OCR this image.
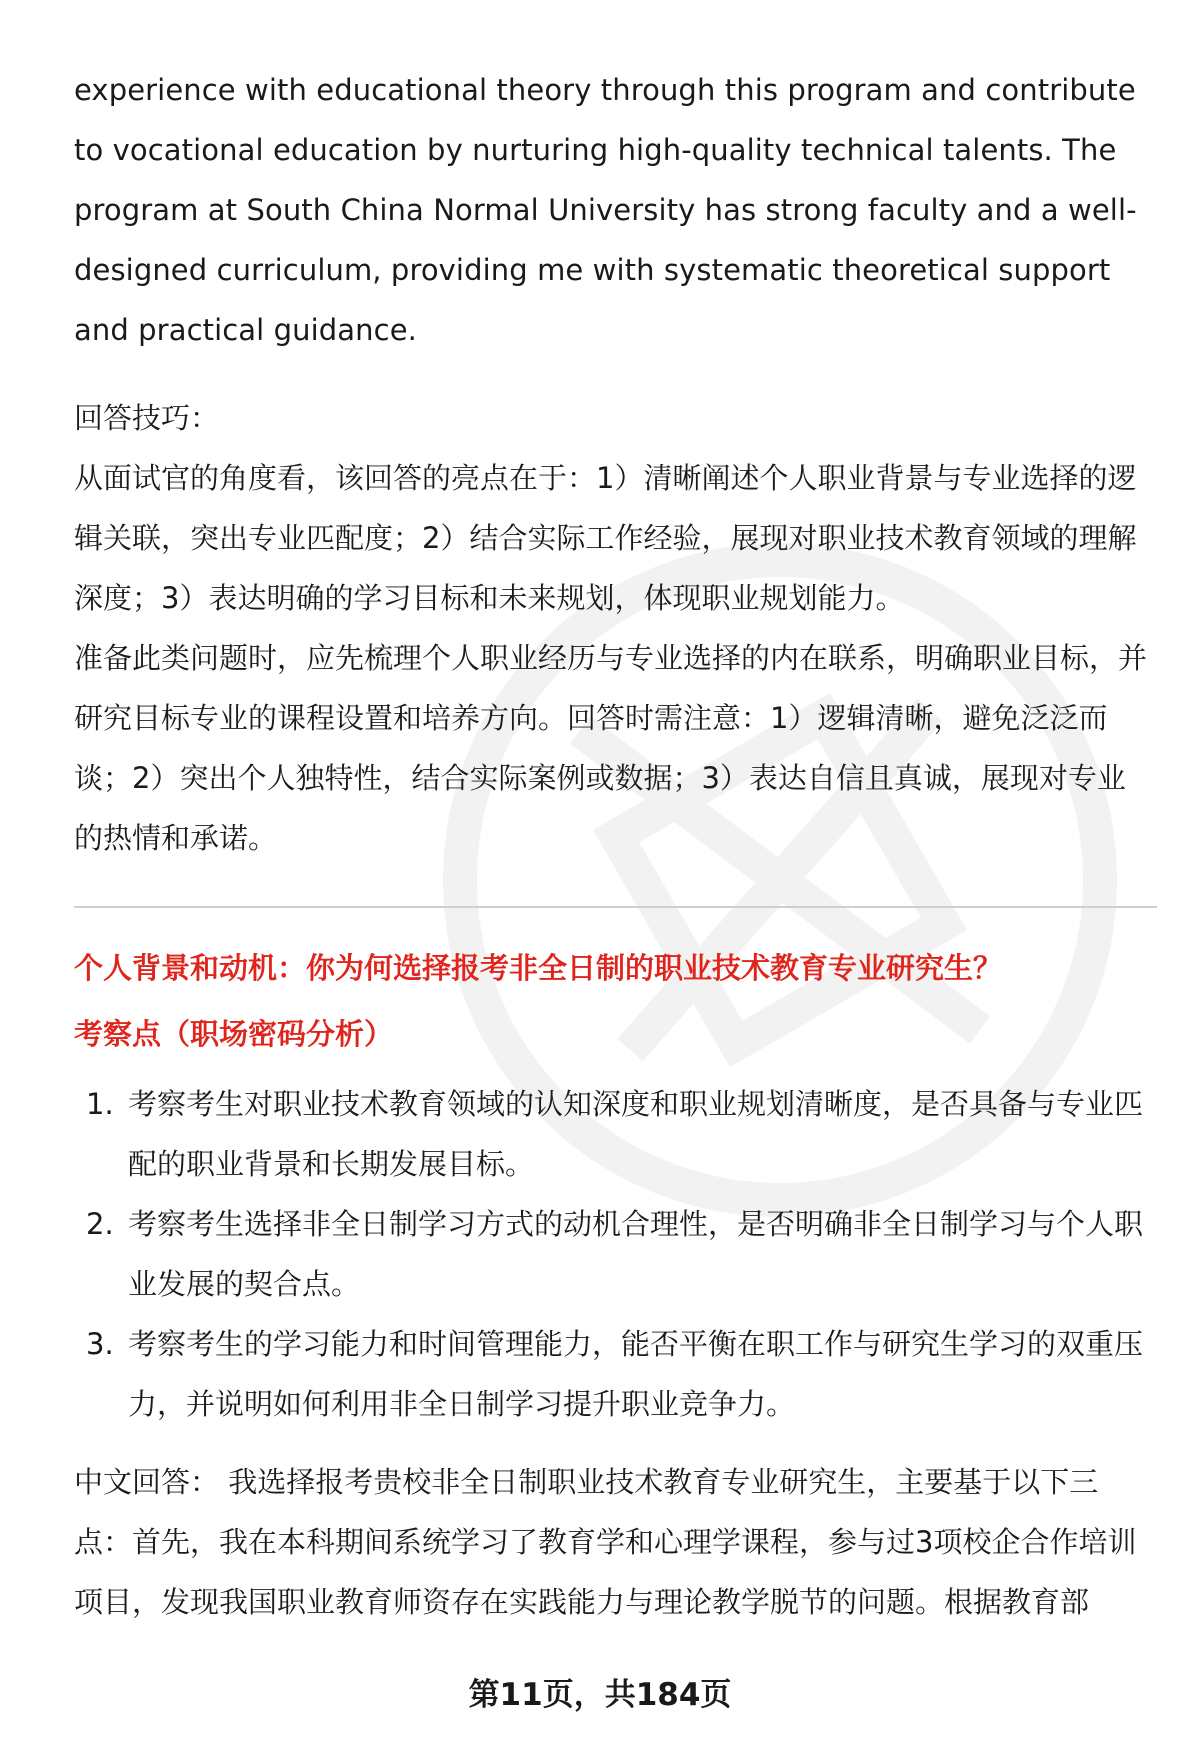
experience with educational theory through this program and contribute to vocational education by nurturing high-quality technical talents. The program at South China Normal University has strong faculty and a well-designed curriculum, providing me with systematic theoretical support and practical guidance.

回答技巧：

从面试官的角度看，该回答的亮点在于：1）清晰阐述个人职业背景与专业选择的逻辑关联，突出专业匹配度；2）结合实际工作经验，展现对职业技术教育领域的理解深度；3）表达明确的学习目标和未来规划，体现职业规划能力。

准备此类问题时，应先梳理个人职业经历与专业选择的内在联系，明确职业目标，并研究目标专业的课程设置和培养方向。回答时需注意：1）逻辑清晰，避免泛泛而谈；2）突出个人独特性，结合实际案例或数据；3）表达自信且真诚，展现对专业的热情和承诺。

个人背景和动机：你为何选择报考非全日制的职业技术教育专业研究生？

考察点（职场密码分析）

1. 考察考生对职业技术教育领域的认知深度和职业规划清晰度，是否具备与专业匹配的职业背景和长期发展目标。
2. 考察考生选择非全日制学习方式的动机合理性，是否明确非全日制学习与个人职业发展的契合点。
3. 考察考生的学习能力和时间管理能力，能否平衡在职工作与研究生学习的双重压力，并说明如何利用非全日制学习提升职业竞争力。

中文回答： 我选择报考贵校非全日制职业技术教育专业研究生，主要基于以下三点：首先，我在本科期间系统学习了教育学和心理学课程，参与过3项校企合作培训项目，发现我国职业教育师资存在实践能力与理论教学脱节的问题。根据教育部

第11页，共184页
